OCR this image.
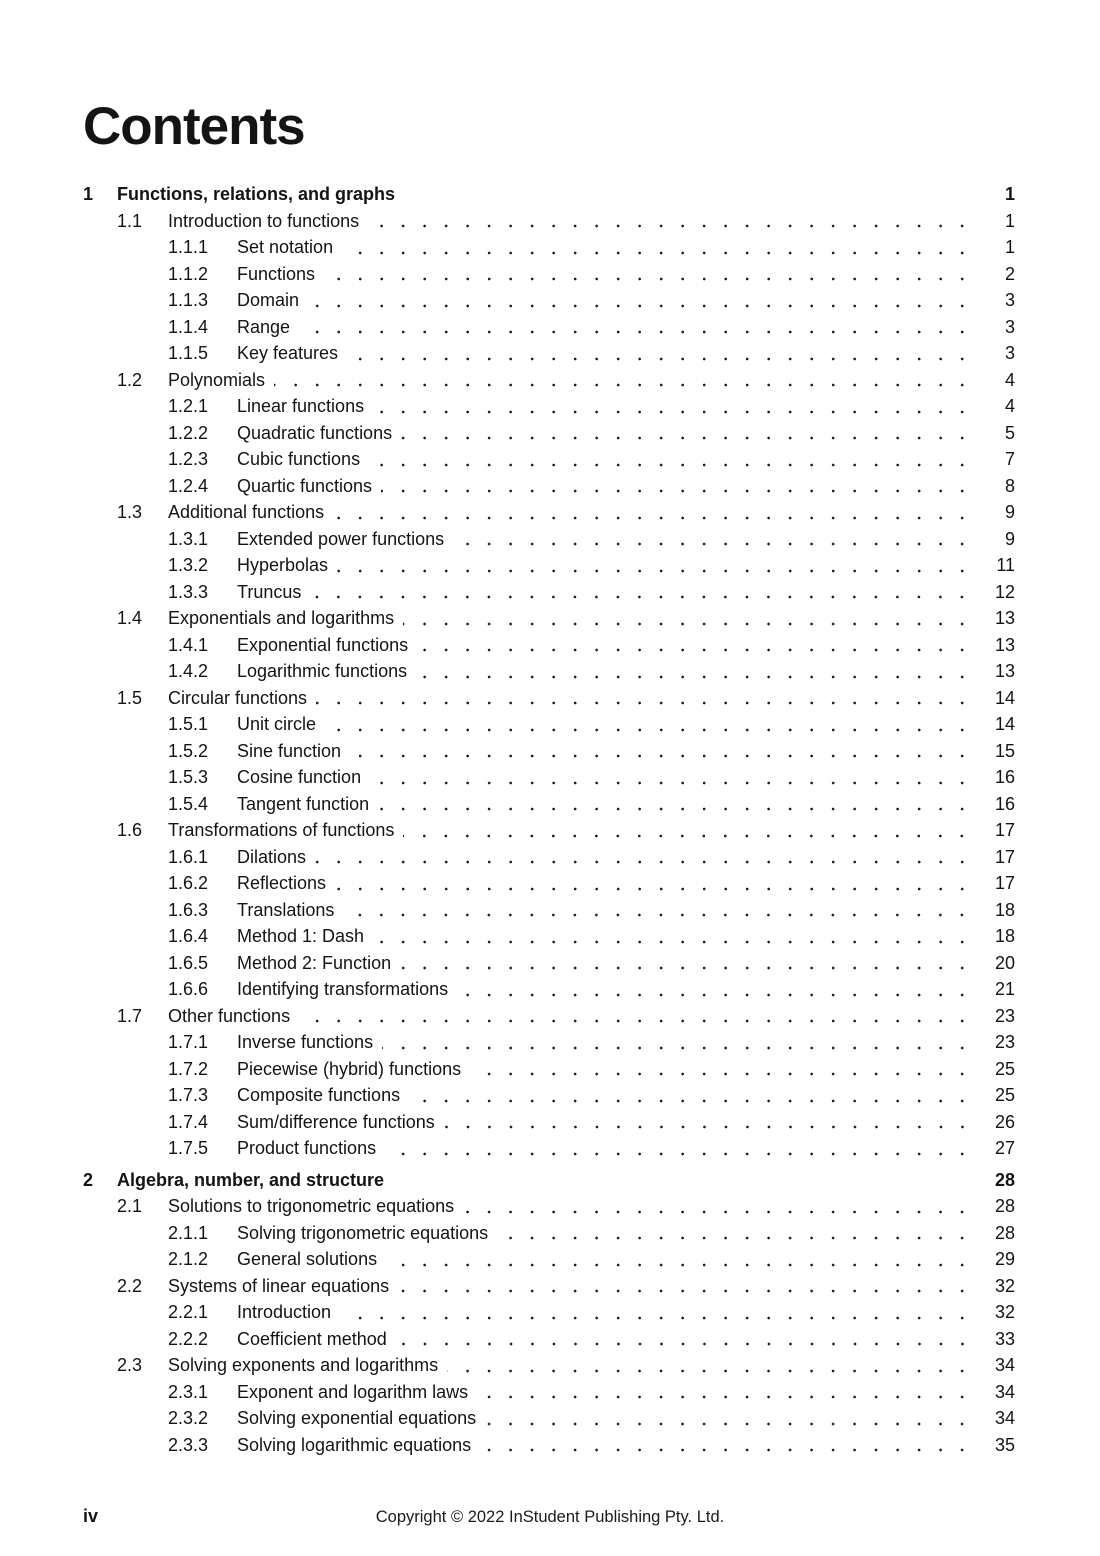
Contents
1	Functions, relations, and graphs	1
1.1	Introduction to functions	1
1.1.1	Set notation	1
1.1.2	Functions	2
1.1.3	Domain	3
1.1.4	Range	3
1.1.5	Key features	3
1.2	Polynomials	4
1.2.1	Linear functions	4
1.2.2	Quadratic functions	5
1.2.3	Cubic functions	7
1.2.4	Quartic functions	8
1.3	Additional functions	9
1.3.1	Extended power functions	9
1.3.2	Hyperbolas	11
1.3.3	Truncus	12
1.4	Exponentials and logarithms	13
1.4.1	Exponential functions	13
1.4.2	Logarithmic functions	13
1.5	Circular functions	14
1.5.1	Unit circle	14
1.5.2	Sine function	15
1.5.3	Cosine function	16
1.5.4	Tangent function	16
1.6	Transformations of functions	17
1.6.1	Dilations	17
1.6.2	Reflections	17
1.6.3	Translations	18
1.6.4	Method 1: Dash	18
1.6.5	Method 2: Function	20
1.6.6	Identifying transformations	21
1.7	Other functions	23
1.7.1	Inverse functions	23
1.7.2	Piecewise (hybrid) functions	25
1.7.3	Composite functions	25
1.7.4	Sum/difference functions	26
1.7.5	Product functions	27
2	Algebra, number, and structure	28
2.1	Solutions to trigonometric equations	28
2.1.1	Solving trigonometric equations	28
2.1.2	General solutions	29
2.2	Systems of linear equations	32
2.2.1	Introduction	32
2.2.2	Coefficient method	33
2.3	Solving exponents and logarithms	34
2.3.1	Exponent and logarithm laws	34
2.3.2	Solving exponential equations	34
2.3.3	Solving logarithmic equations	35
iv	Copyright © 2022 InStudent Publishing Pty. Ltd.
